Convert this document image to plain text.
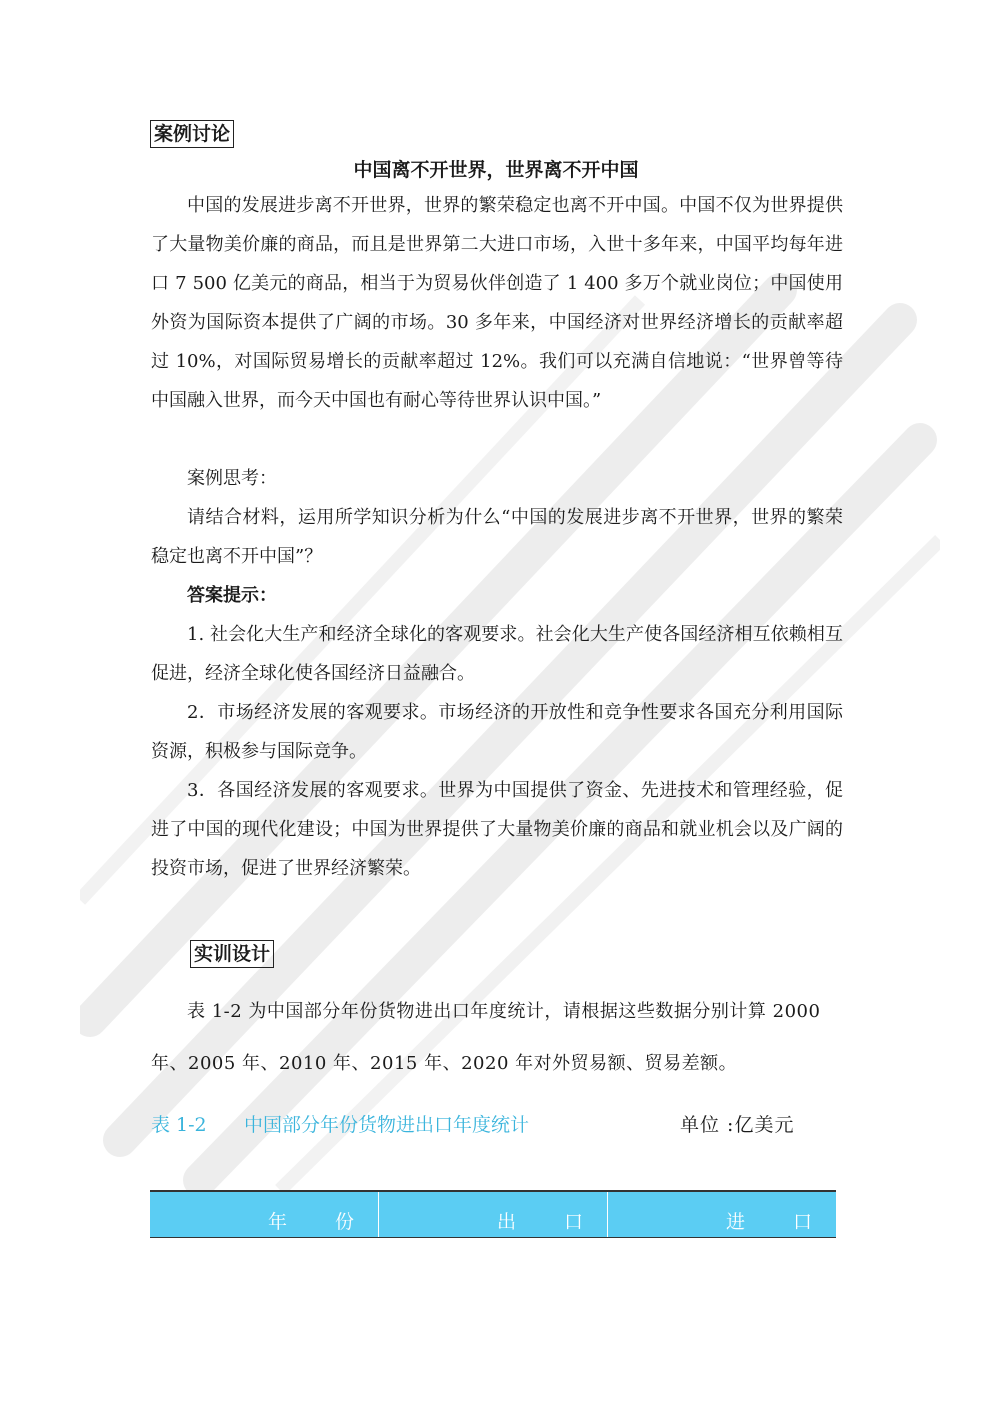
案例讨论
中国离不开世界，世界离不开中国

中国的发展进步离不开世界，世界的繁荣稳定也离不开中国。中国不仅为世界提供了大量物美价廉的商品，而且是世界第二大进口市场，入世十多年来，中国平均每年进口 7 500 亿美元的商品，相当于为贸易伙伴创造了 1 400 多万个就业岗位；中国使用外资为国际资本提供了广阔的市场。30 多年来，中国经济对世界经济增长的贡献率超过 10%，对国际贸易增长的贡献率超过 12%。我们可以充满自信地说：“世界曾等待中国融入世界，而今天中国也有耐心等待世界认识中国。”

案例思考：

请结合材料，运用所学知识分析为什么“中国的发展进步离不开世界，世界的繁荣稳定也离不开中国”？

答案提示：

1. 社会化大生产和经济全球化的客观要求。社会化大生产使各国经济相互依赖相互促进，经济全球化使各国经济日益融合。

2．市场经济发展的客观要求。市场经济的开放性和竞争性要求各国充分利用国际资源，积极参与国际竞争。

3．各国经济发展的客观要求。世界为中国提供了资金、先进技术和管理经验，促进了中国的现代化建设；中国为世界提供了大量物美价廉的商品和就业机会以及广阔的投资市场，促进了世界经济繁荣。

实训设计

表 1-2 为中国部分年份货物进出口年度统计，请根据这些数据分别计算 2000 年、2005 年、2010 年、2015 年、2020 年对外贸易额、贸易差额。

表 1-2 中国部分年份货物进出口年度统计	单位 :亿美元
年 份	出 口	进 口
